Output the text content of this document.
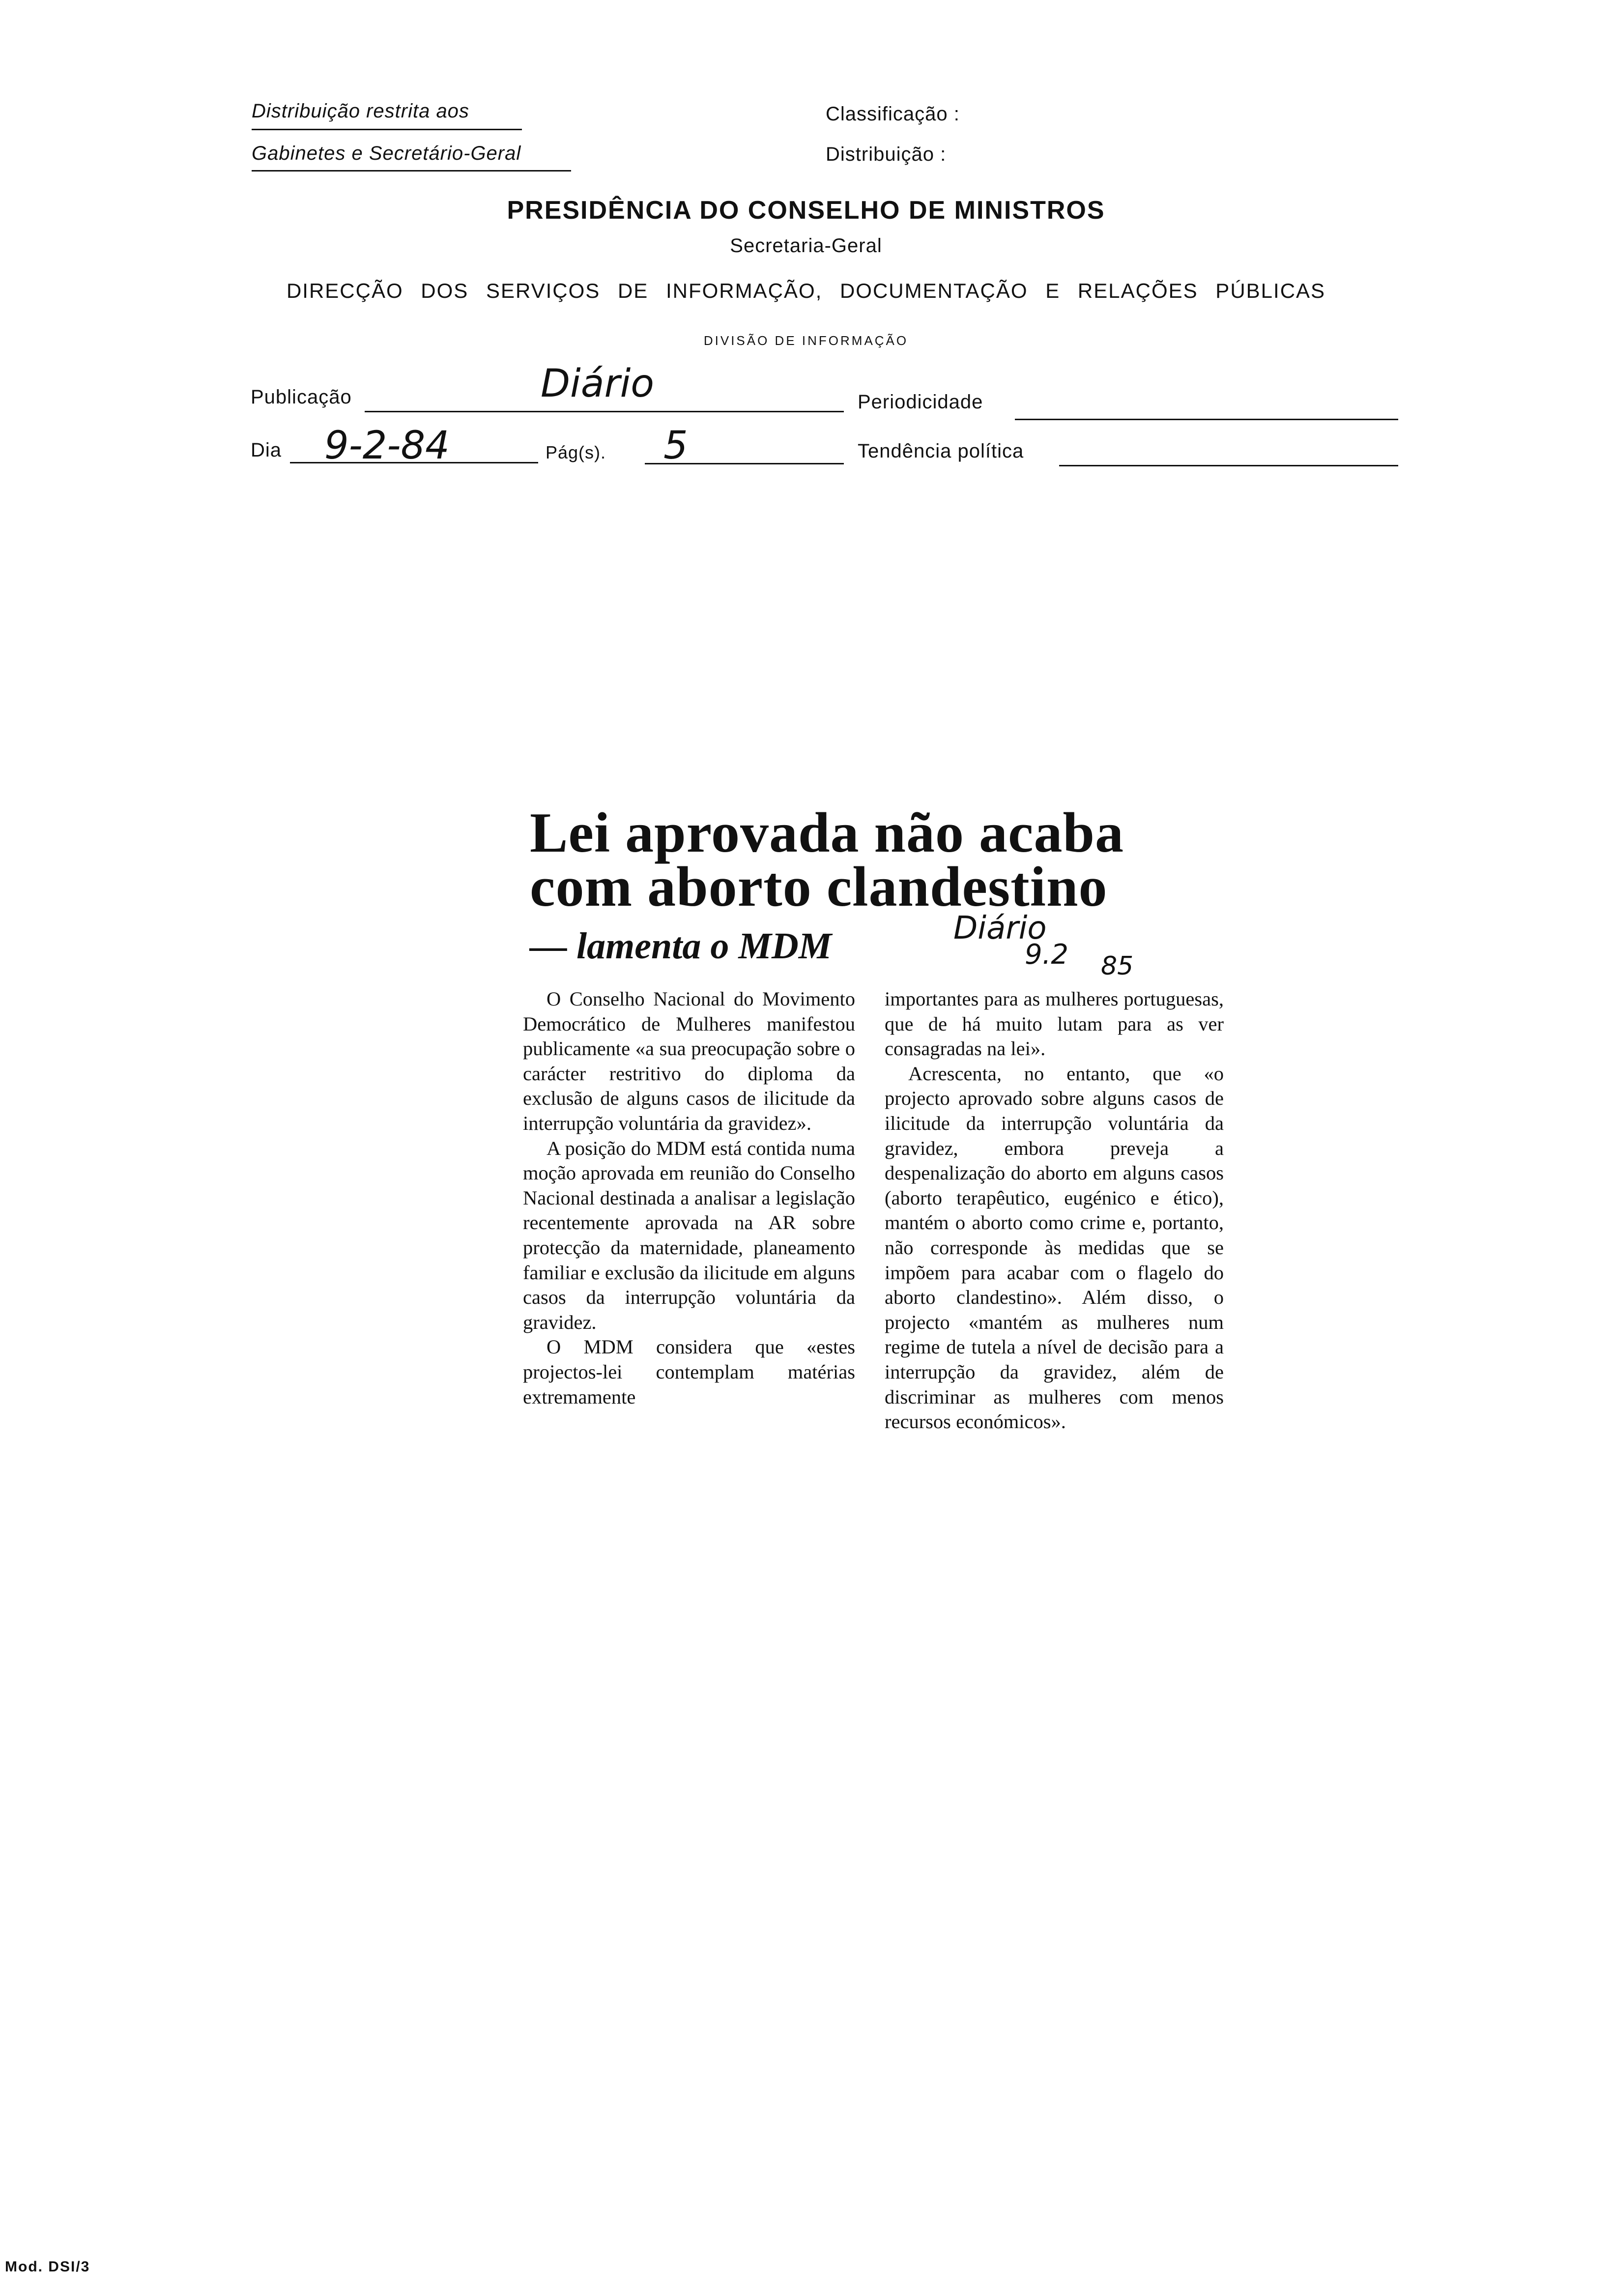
Distribuição restrita aos
Gabinetes e Secretário-Geral
Classificação :
Distribuição :
PRESIDÊNCIA DO CONSELHO DE MINISTROS
Secretaria-Geral
DIRECÇÃO DOS SERVIÇOS DE INFORMAÇÃO, DOCUMENTAÇÃO E RELAÇÕES PÚBLICAS
DIVISÃO DE INFORMAÇÃO
Publicação	Diário	Periodicidade
Dia 9-2-84	Pág(s). 5	Tendência política
Lei aprovada não acaba
com aborto clandestino
— lamenta o MDM	Diário
9.2 85

O Conselho Nacional do Movimento Democrático de Mulheres manifestou publicamente «a sua preocupação sobre o carácter restritivo do diploma da exclusão de alguns casos de ilicitude da interrupção voluntária da gravidez».

A posição do MDM está contida numa moção aprovada em reunião do Conselho Nacional destinada a analisar a legislação recentemente aprovada na AR sobre protecção da maternidade, planeamento familiar e exclusão da ilicitude em alguns casos da interrupção voluntária da gravidez.

O MDM considera que «estes projectos-lei contemplam matérias extremamente

importantes para as mulheres portuguesas, que de há muito lutam para as ver consagradas na lei».

Acrescenta, no entanto, que «o projecto aprovado sobre alguns casos de ilicitude da interrupção voluntária da gravidez, embora preveja a despenalização do aborto em alguns casos (aborto terapêutico, eugénico e ético), mantém o aborto como crime e, portanto, não corresponde às medidas que se impõem para acabar com o flagelo do aborto clandestino». Além disso, o projecto «mantém as mulheres num regime de tutela a nível de decisão para a interrupção da gravidez, além de discriminar as mulheres com menos recursos económicos».

Mod. DSI/3
